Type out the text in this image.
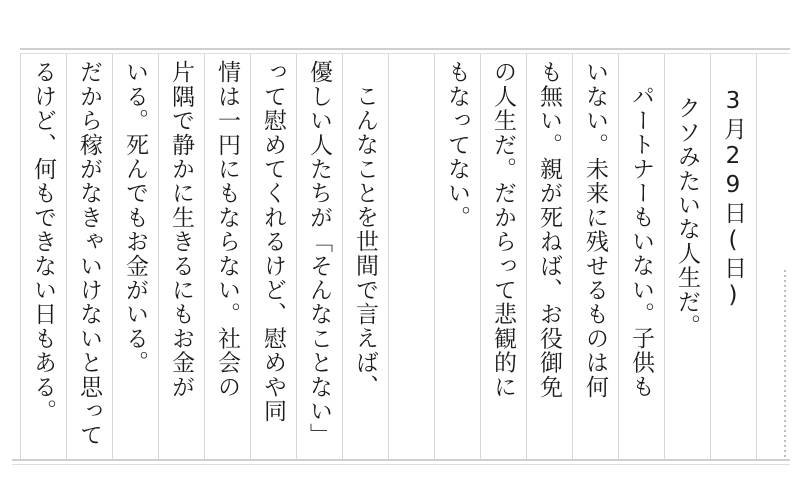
3月29日(日)
クソみたいな人生だ。
パートナーもいない。子供も
いない。未来に残せるものは何
も無い。親が死ねば、お役御免
の人生だ。だからって悲観的に
もなってない。
こんなことを世間で言えば、
優しい人たちが「そんなことない」
って慰めてくれるけど、慰めや同
情は一円にもならない。社会の
片隅で静かに生きるにもお金が
いる。死んでもお金がいる。
だから稼がなきゃいけないと思って
るけど、何もできない日もある。
